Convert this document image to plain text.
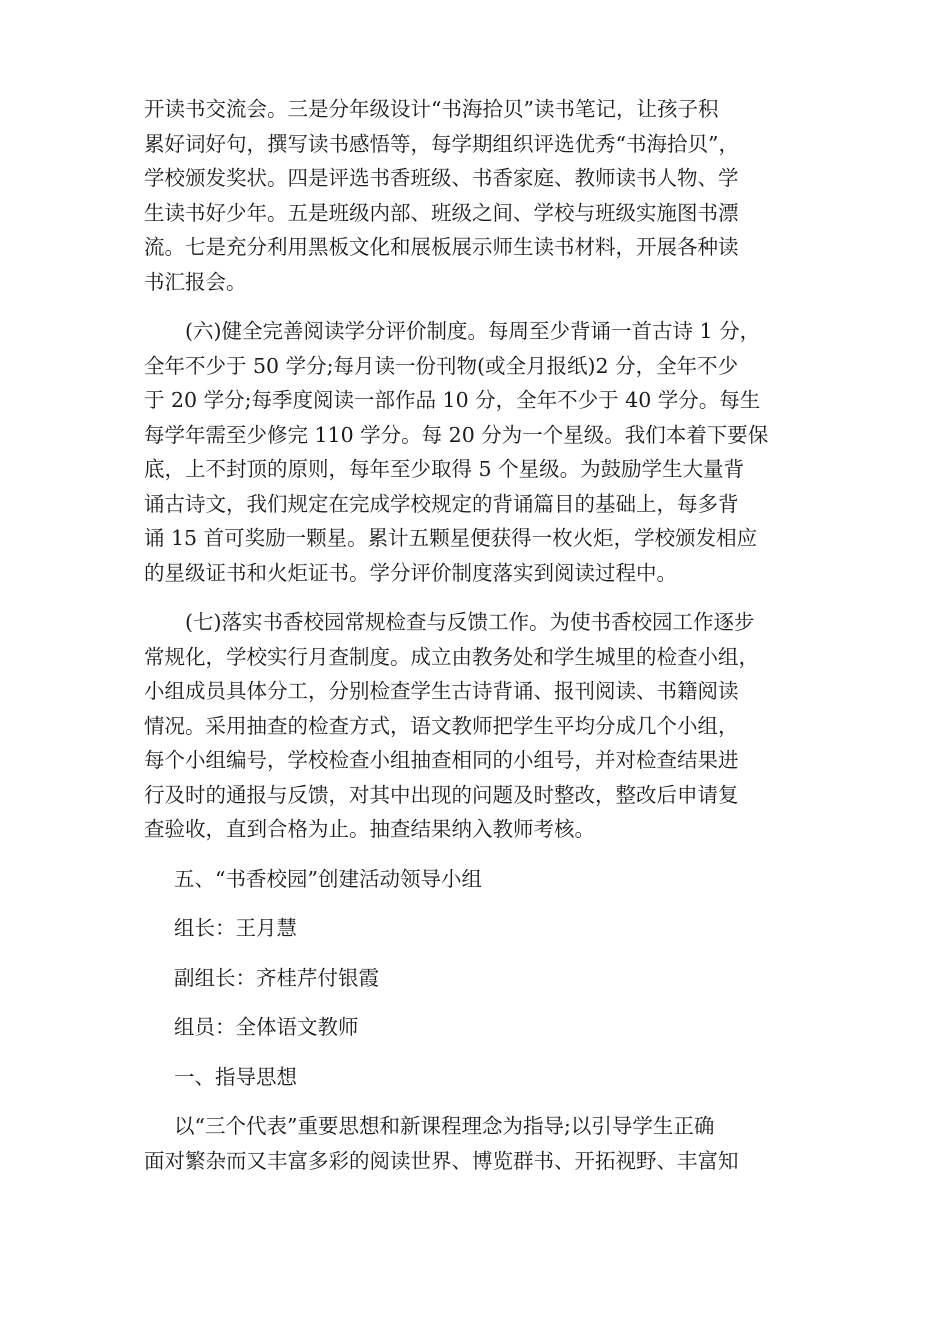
开读书交流会。三是分年级设计“书海拾贝”读书笔记，让孩子积
累好词好句，撰写读书感悟等，每学期组织评选优秀“书海拾贝”，
学校颁发奖状。四是评选书香班级、书香家庭、教师读书人物、学
生读书好少年。五是班级内部、班级之间、学校与班级实施图书漂
流。七是充分利用黑板文化和展板展示师生读书材料，开展各种读
书汇报会。

(六)健全完善阅读学分评价制度。每周至少背诵一首古诗 1 分，
全年不少于 50 学分;每月读一份刊物(或全月报纸)2 分，全年不少
于 20 学分;每季度阅读一部作品 10 分，全年不少于 40 学分。每生
每学年需至少修完 110 学分。每 20 分为一个星级。我们本着下要保
底，上不封顶的原则，每年至少取得 5 个星级。为鼓励学生大量背
诵古诗文，我们规定在完成学校规定的背诵篇目的基础上，每多背
诵 15 首可奖励一颗星。累计五颗星便获得一枚火炬，学校颁发相应
的星级证书和火炬证书。学分评价制度落实到阅读过程中。

(七)落实书香校园常规检查与反馈工作。为使书香校园工作逐步
常规化，学校实行月查制度。成立由教务处和学生城里的检查小组，
小组成员具体分工，分别检查学生古诗背诵、报刊阅读、书籍阅读
情况。采用抽查的检查方式，语文教师把学生平均分成几个小组，
每个小组编号，学校检查小组抽查相同的小组号，并对检查结果进
行及时的通报与反馈，对其中出现的问题及时整改，整改后申请复
查验收，直到合格为止。抽查结果纳入教师考核。

五、“书香校园”创建活动领导小组

组长：王月慧

副组长：齐桂芹付银霞

组员：全体语文教师

一、指导思想

以“三个代表”重要思想和新课程理念为指导;以引导学生正确
面对繁杂而又丰富多彩的阅读世界、博览群书、开拓视野、丰富知
